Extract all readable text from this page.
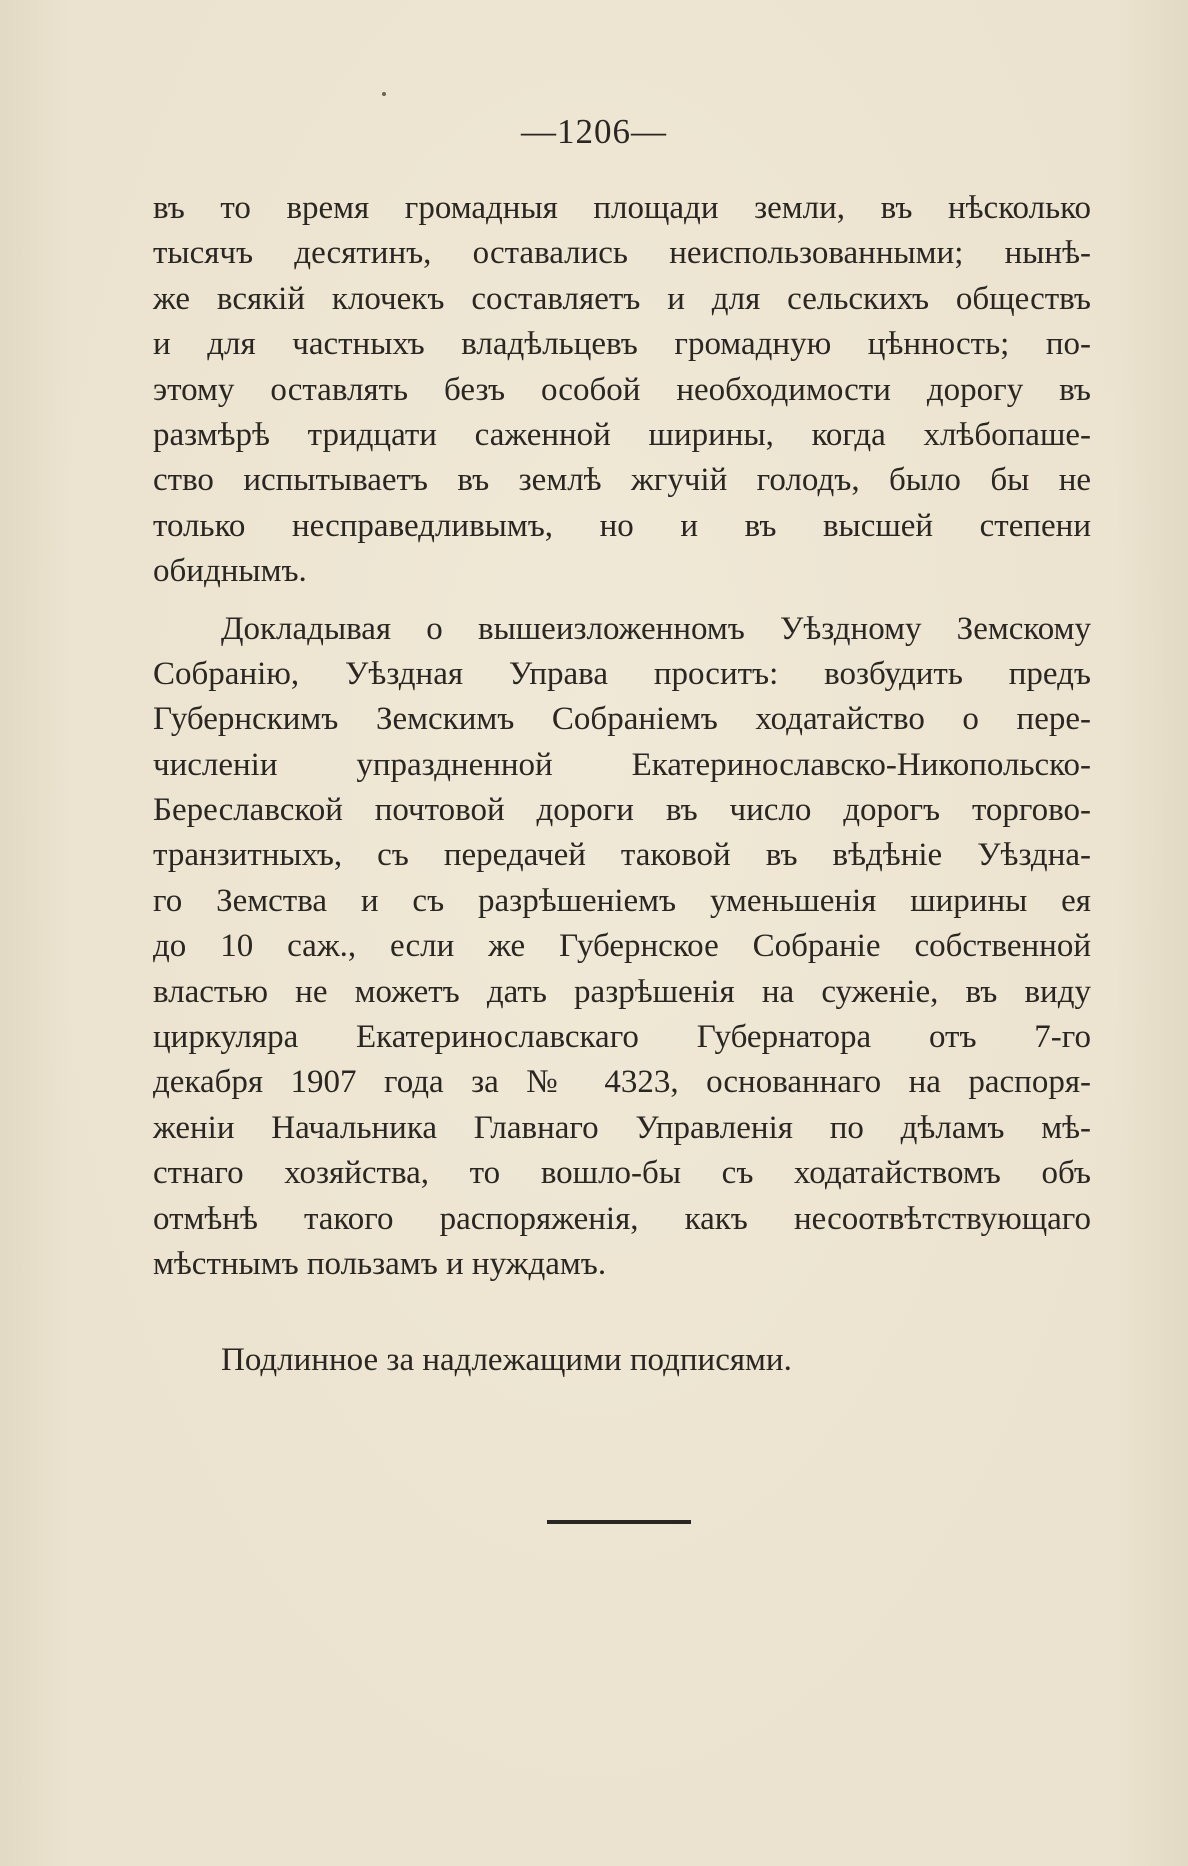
—1206—
въ то время громадныя площади земли, въ нѣсколько
тысячъ десятинъ, оставались неиспользованными; нынѣ-
же всякій клочекъ составляетъ и для сельскихъ обществъ
и для частныхъ владѣльцевъ громадную цѣнность; по-
этому оставлять безъ особой необходимости дорогу въ
размѣрѣ тридцати саженной ширины, когда хлѣбопаше-
ство испытываетъ въ землѣ жгучій голодъ, было бы не
только несправедливымъ, но и въ высшей степени
обиднымъ.
Докладывая о вышеизложенномъ Уѣздному Земскому
Собранію, Уѣздная Управа проситъ: возбудить предъ
Губернскимъ Земскимъ Собраніемъ ходатайство о пере-
численіи упраздненной Екатеринославско-Никопольско-
Береславской почтовой дороги въ число дорогъ торгово-
транзитныхъ, съ передачей таковой въ вѣдѣніе Уѣздна-
го Земства и съ разрѣшеніемъ уменьшенія ширины ея
до 10 саж., если же Губернское Собраніе собственной
властью не можетъ дать разрѣшенія на суженіе, въ виду
циркуляра Екатеринославскаго Губернатора отъ 7-го
декабря 1907 года за № 4323, основаннаго на распоря-
женіи Начальника Главнаго Управленія по дѣламъ мѣ-
стнаго хозяйства, то вошло-бы съ ходатайствомъ объ
отмѣнѣ такого распоряженія, какъ несоотвѣтствующаго
мѣстнымъ пользамъ и нуждамъ.
Подлинное за надлежащими подписями.
